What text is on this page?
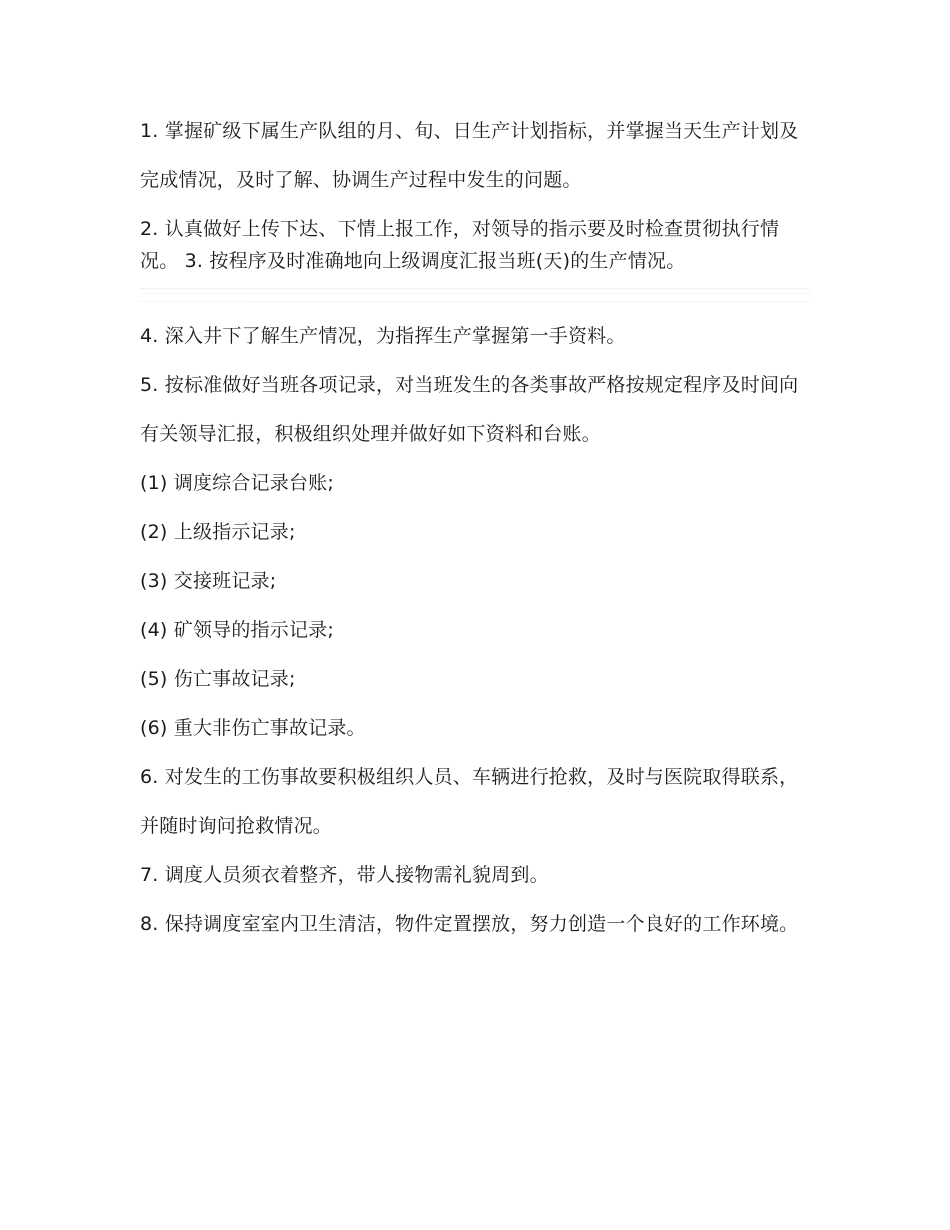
1. 掌握矿级下属生产队组的月、旬、日生产计划指标，并掌握当天生产计划及

完成情况，及时了解、协调生产过程中发生的问题。

2. 认真做好上传下达、下情上报工作，对领导的指示要及时检查贯彻执行情况。 3. 按程序及时准确地向上级调度汇报当班(天)的生产情况。

4. 深入井下了解生产情况，为指挥生产掌握第一手资料。

5. 按标准做好当班各项记录，对当班发生的各类事故严格按规定程序及时间向

有关领导汇报，积极组织处理并做好如下资料和台账。

(1) 调度综合记录台账;

(2) 上级指示记录;

(3) 交接班记录;

(4) 矿领导的指示记录;

(5) 伤亡事故记录;

(6) 重大非伤亡事故记录。

6. 对发生的工伤事故要积极组织人员、车辆进行抢救，及时与医院取得联系，

并随时询问抢救情况。

7. 调度人员须衣着整齐，带人接物需礼貌周到。

8. 保持调度室室内卫生清洁，物件定置摆放，努力创造一个良好的工作环境。
